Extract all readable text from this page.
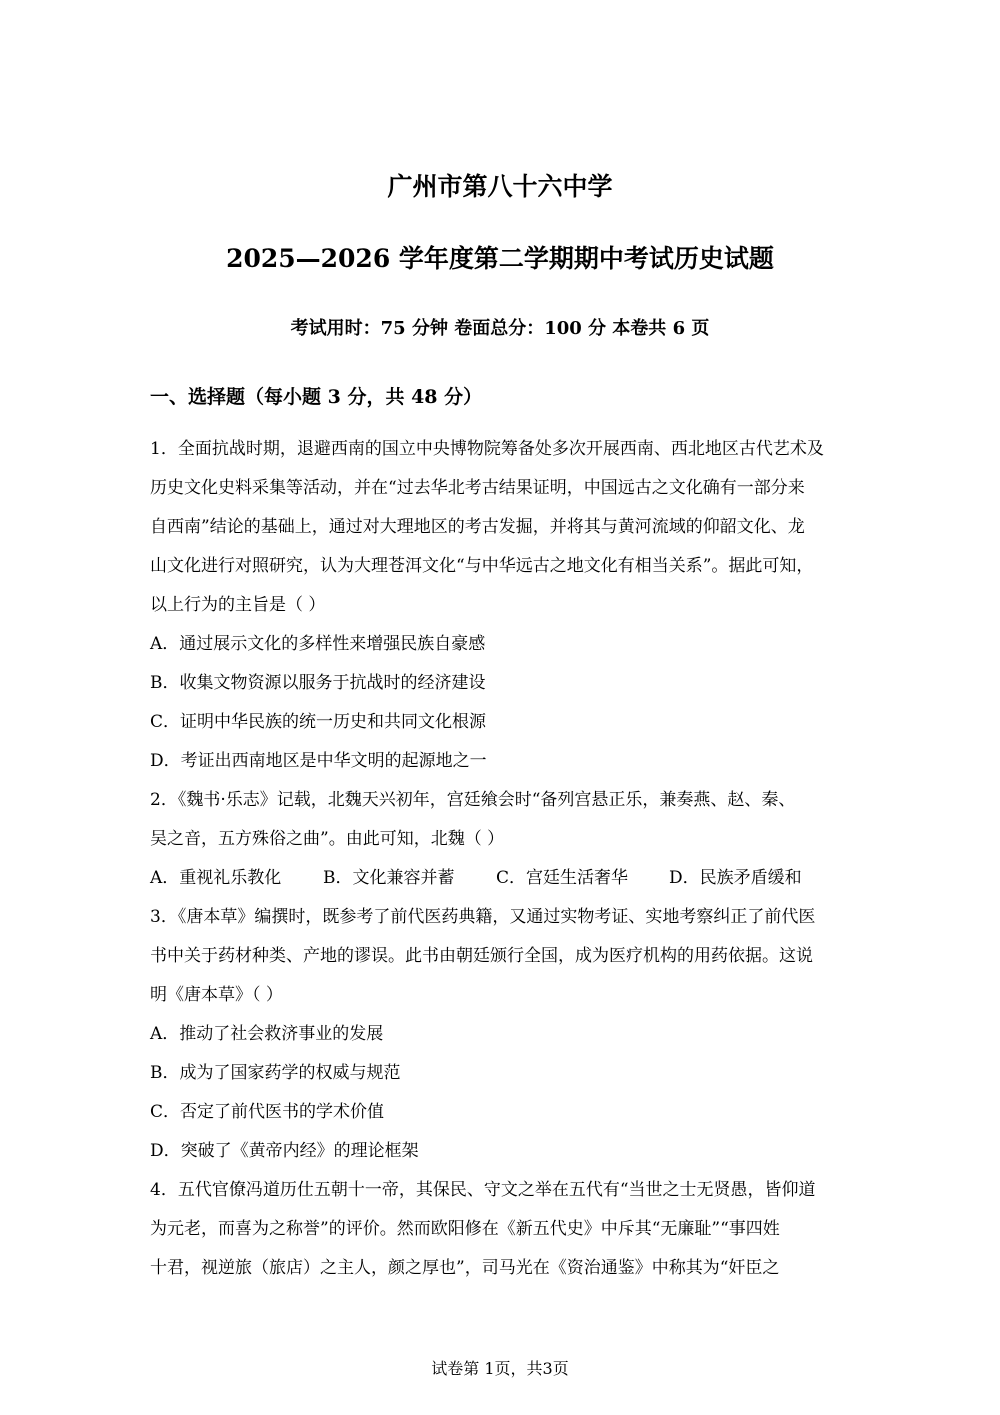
广州市第八十六中学
2025—2026 学年度第二学期期中考试历史试题
考试用时：75 分钟 卷面总分：100 分 本卷共 6 页
一、选择题（每小题 3 分，共 48 分）

1．全面抗战时期，退避西南的国立中央博物院筹备处多次开展西南、西北地区古代艺术及

历史文化史料采集等活动，并在“过去华北考古结果证明，中国远古之文化确有一部分来

自西南”结论的基础上，通过对大理地区的考古发掘，并将其与黄河流域的仰韶文化、龙

山文化进行对照研究，认为大理苍洱文化“与中华远古之地文化有相当关系”。据此可知，

以上行为的主旨是（ ）

A．通过展示文化的多样性来增强民族自豪感

B．收集文物资源以服务于抗战时的经济建设

C．证明中华民族的统一历史和共同文化根源

D．考证出西南地区是中华文明的起源地之一

2．《魏书·乐志》记载，北魏天兴初年，宫廷飨会时“备列宫悬正乐，兼奏燕、赵、秦、

吴之音，五方殊俗之曲”。由此可知，北魏（ ）

A．重视礼乐教化	B．文化兼容并蓄	C．宫廷生活奢华	D．民族矛盾缓和

3．《唐本草》编撰时，既参考了前代医药典籍，又通过实物考证、实地考察纠正了前代医

书中关于药材种类、产地的谬误。此书由朝廷颁行全国，成为医疗机构的用药依据。这说

明《唐本草》（ ）

A．推动了社会救济事业的发展

B．成为了国家药学的权威与规范

C．否定了前代医书的学术价值

D．突破了《黄帝内经》的理论框架

4．五代官僚冯道历仕五朝十一帝，其保民、守文之举在五代有“当世之士无贤愚，皆仰道

为元老，而喜为之称誉”的评价。然而欧阳修在《新五代史》中斥其“无廉耻”“事四姓

十君，视逆旅（旅店）之主人，颜之厚也”，司马光在《资治通鉴》中称其为“奸臣之

试卷第 1页，共3页
